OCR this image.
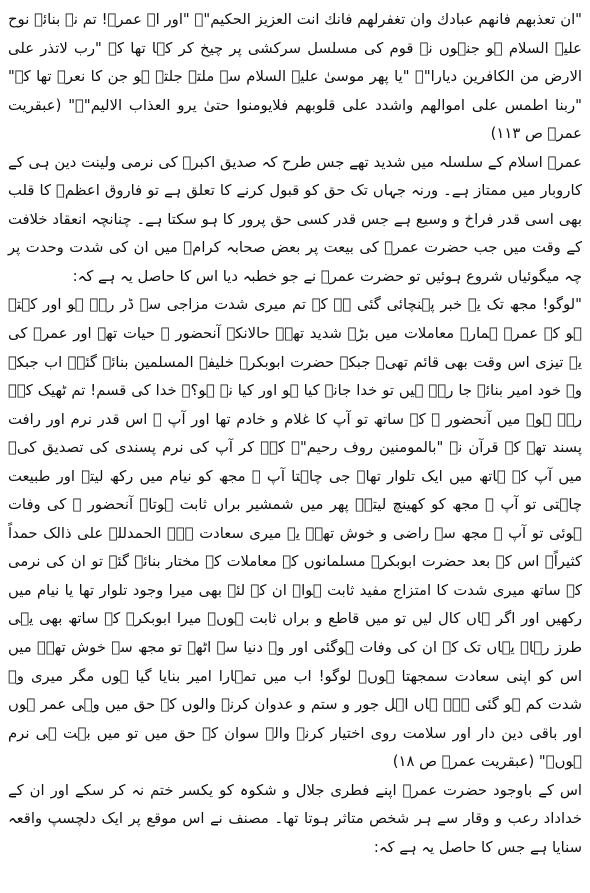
"ان تعذبهم فانهم عبادك وان تغفرلهم فانك انت العزيز الحکيم"۔ "اور اے عمرؓ! تم نے بنائے نوح علیہ السلام ہو جنہوں نے قوم کی مسلسل سرکشی پر چیخ کر کہا تھا کہ "رب لاتذر علی الارض من الکافرين دیارا"۔ "یا پھر موسیٰ علیہ السلام سے ملتے جلتے ہو جن کا نعرہ تھا کہ" "ربنا اطمس علی اموالهم واشدد علی قلوبهم فلایومنوا حتیٰ يرو العذاب الاليم"۔" (عبقریت عمرؓ ص ۱۱۳)

عمرؓ اسلام کے سلسلہ میں شدید تھے جس طرح کہ صدیق اکبرؓ کی نرمی ولینت دین ہی کے کاروبار میں ممتاز ہے۔ ورنہ جہاں تک حق کو قبول کرنے کا تعلق ہے تو فاروق اعظمؓ کا قلب بھی اسی قدر فراخ و وسیع ہے جس قدر کسی حق پرور کا ہو سکتا ہے۔ چنانچہ انعقاد خلافت کے وقت میں جب حضرت عمرؓ کی بیعت پر بعض صحابہ کرامؓ میں ان کی شدت وحدت پر چہ میگوئیاں شروع ہوئیں تو حضرت عمرؓ نے جو خطبہ دیا اس کا حاصل یہ ہے کہ:

"لوگو! مجھ تک یہ خبر پہنچائی گئی ہے کہ تم میری شدت مزاجی سے ڈر رہے ہو اور کہتے ہو کہ عمرؓ ہمارے معاملات میں بڑے شدید تھے۔ حالانکہ آنحضور ﷺ حیات تھے اور عمرؓ کی یہ تیزی اس وقت بھی قائم تھی۔ جبکہ حضرت ابوبکرؓ خلیفۃ المسلمین بنائے گئے۔ اب جبکہ وہ خود امیر بنائے جا رہے ہیں تو خدا جانے کیا ہو اور کیا نہ ہو؟۔ خدا کی قسم! تم ٹھیک کہہ رہے ہو۔ میں آنحضور ﷺ کے ساتھ تو آپ کا غلام و خادم تھا اور آپ ﷺ اس قدر نرم اور رافت پسند تھے کہ قرآن نے "بالمومنين روف رحيم"۔ کہہ کر آپ کی نرم پسندی کی تصدیق کی۔ میں آپ کے ہاتھ میں ایک تلوار تھا۔ جی چاہتا آپ ﷺ مجھ کو نیام میں رکھ لیتے اور طبیعت چاہتی تو آپ ﷺ مجھ کو کھینچ لیتے۔ پھر میں شمشیر براں ثابت ہوتا۔ آنحضور ﷺ کی وفات ہوئی تو آپ ﷺ مجھ سے راضی و خوش تھے۔ یہ میری سعادت ہے۔ الحمدللہ علی ذالک حمداً کثیراً۔ اس کے بعد حضرت ابوبکرؓ مسلمانوں کے معاملات کے مختار بنائے گئے تو ان کی نرمی کے ساتھ میری شدت کا امتزاج مفید ثابت ہوا۔ ان کے لئے بھی میرا وجود تلوار تھا یا نیام میں رکھیں اور اگر ہاں کال لیں تو میں قاطع و براں ثابت ہوں۔ میرا ابوبکرؓ کے ساتھ بھی یہی طرز رہا۔ یہاں تک کہ ان کی وفات ہوگئی اور وہ دنیا سے اٹھے تو مجھ سے خوش تھے۔ میں اس کو اپنی سعادت سمجھتا ہوں۔ لوگو! اب میں تمہارا امیر بنایا گیا ہوں مگر میری وہ شدت کم ہو گئی ہے۔ ہاں اہل جور و ستم و عدوان کرنے والوں کے حق میں وہی عمر ہوں اور باقی دین دار اور سلامت روی اختیار کرنے والے سوان کے حق میں تو میں بہت ہی نرم ہوں۔" (عبقریت عمرؓ ص ۱۸)

اس کے باوجود حضرت عمرؓ اپنے فطری جلال و شکوہ کو یکسر ختم نہ کر سکے اور ان کے خداداد رعب و وقار سے ہر شخص متاثر ہوتا تھا۔ مصنف نے اس موقع پر ایک دلچسپ واقعہ سنایا ہے جس کا حاصل یہ ہے کہ:
